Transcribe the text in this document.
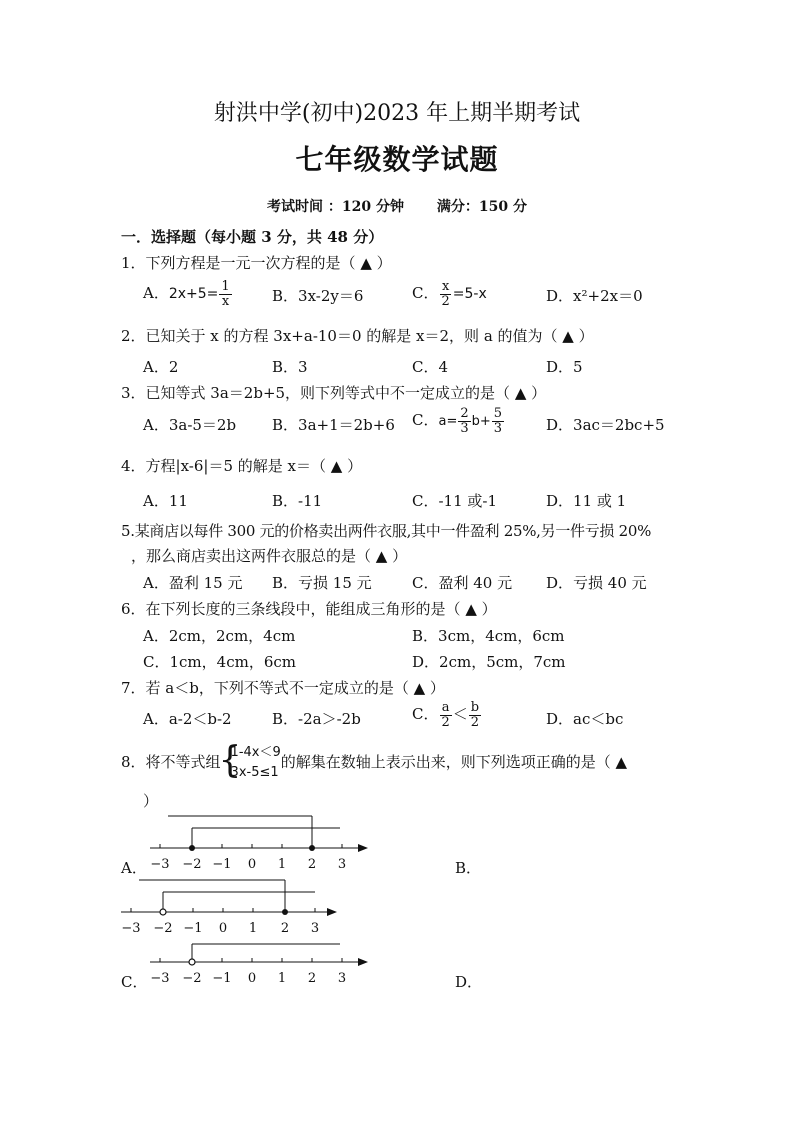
射洪中学(初中)2023 年上期半期考试
七年级数学试题
考试时间 ：120 分钟 满分：150 分
一．选择题（每小题 3 分，共 48 分）
1．下列方程是一元一次方程的是（ ▲ ）
A．$2x+5= \frac{1}{x}$	B．3x-2y＝6	C． $\frac{x}{2} =5-x$	D．x²+2x＝0
2．已知关于 x 的方程 3x+a-10＝0 的解是 x＝2，则 a 的值为（ ▲ ）
A．2	B．3	C．4	D．5
3．已知等式 3a＝2b+5，则下列等式中不一定成立的是（ ▲ ）
A．3a-5＝2b B．3a+1＝2b+6 C．$a= \frac{2}{3} b+ \frac{5}{3}$	D．3ac＝2bc+5
4．方程|x-6|＝5 的解是 x＝（ ▲ ）
A．11	B．-11	C．-11 或-1	D．11 或 1
5.某商店以每件 300 元的价格卖出两件衣服,其中一件盈利 25%,另一件亏损 20%
，那么商店卖出这两件衣服总的是（ ▲ ）
A．盈利 15 元 B．亏损 15 元	C．盈利 40 元 D．亏损 40 元
6．在下列长度的三条线段中，能组成三角形的是（ ▲ ）
A．2cm，2cm，4cm	B．3cm，4cm，6cm
C．1cm，4cm，6cm	D．2cm，5cm，7cm
7．若 a＜b，下列不等式不一定成立的是（ ▲ ）
A．a-2＜b-2	B．-2a＞-2b	C． $\frac{a}{2} < \frac{b}{2}$	D．ac＜bc
8．将不等式组
{
1-4x＜9
3x-5≤1
的解集在数轴上表示出来，则下列选项正确的是（ ▲
）
A． −3 −2 −1 0 1 2 3	B．
−3 −2 −1 0 1 2 3
C． −3 −2 −1 0 1 2 3	D．
